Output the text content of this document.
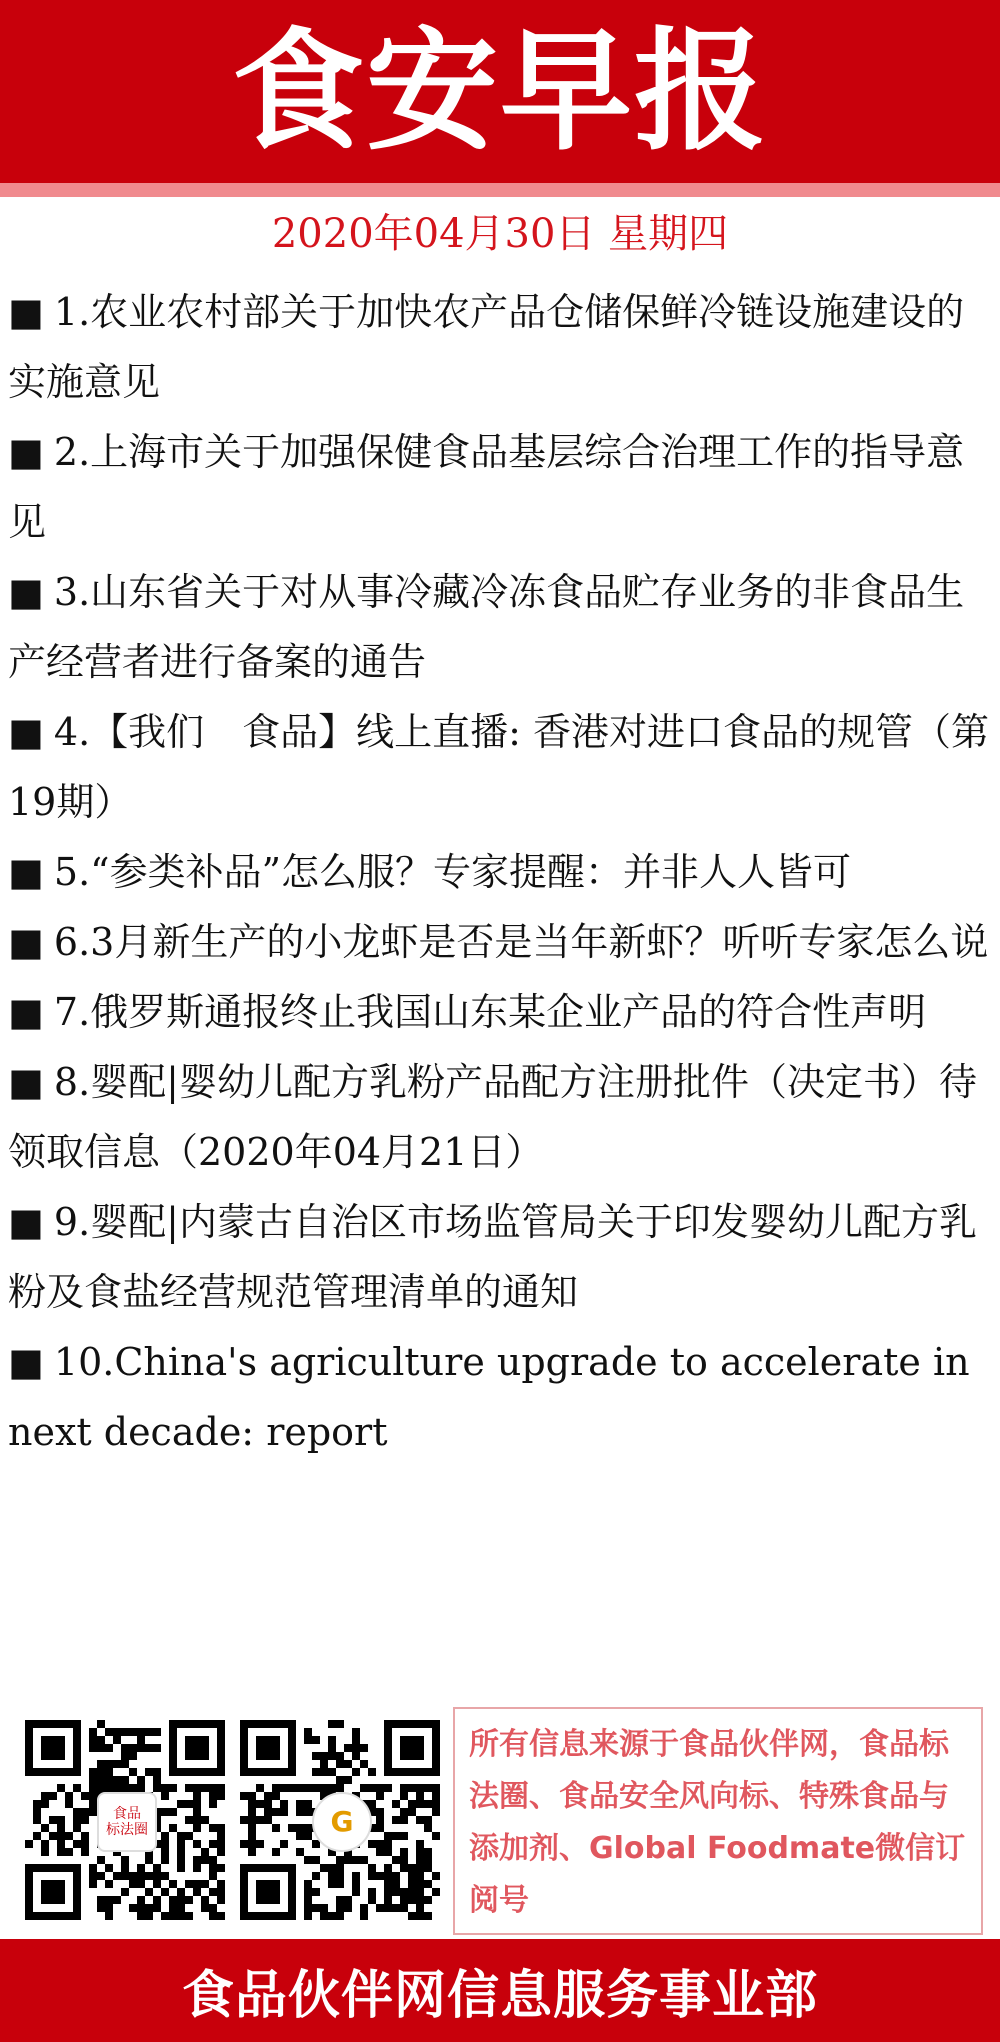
食安早报
2020年04月30日 星期四
■ 1.农业农村部关于加快农产品仓储保鲜冷链设施建设的实施意见
■ 2.上海市关于加强保健食品基层综合治理工作的指导意见
■ 3.山东省关于对从事冷藏冷冻食品贮存业务的非食品生产经营者进行备案的通告
■ 4.【我们　食品】线上直播: 香港对进口食品的规管（第19期）
■ 5.“参类补品”怎么服？专家提醒：并非人人皆可
■ 6.3月新生产的小龙虾是否是当年新虾？听听专家怎么说
■ 7.俄罗斯通报终止我国山东某企业产品的符合性声明
■ 8.婴配|婴幼儿配方乳粉产品配方注册批件（决定书）待领取信息（2020年04月21日）
■ 9.婴配|内蒙古自治区市场监管局关于印发婴幼儿配方乳粉及食盐经营规范管理清单的通知
■ 10.China's agriculture upgrade to accelerate in next decade: report
食品
标法圈	G
所有信息来源于食品伙伴网，食品标法圈、食品安全风向标、特殊食品与添加剂、Global Foodmate微信订阅号
食品伙伴网信息服务事业部
